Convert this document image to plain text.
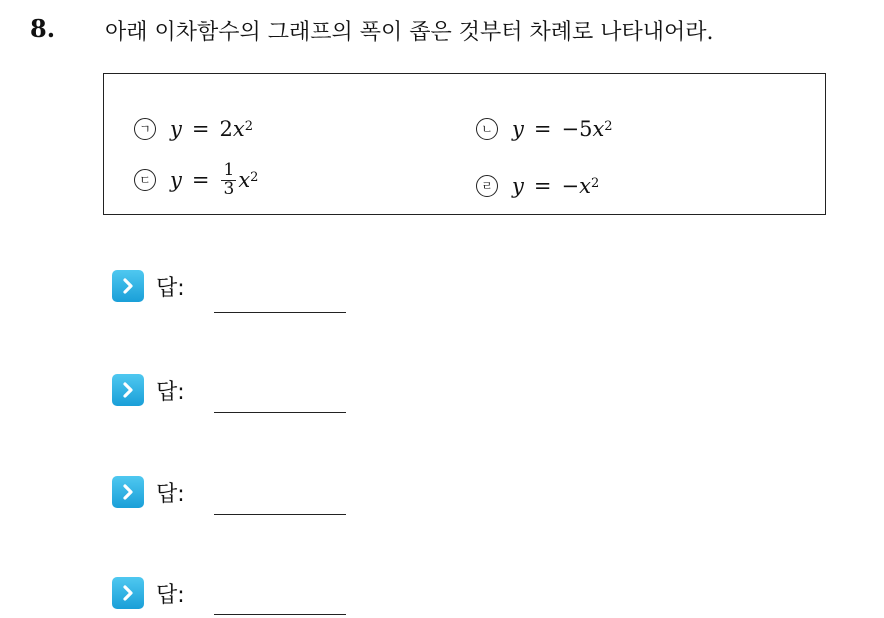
8. 아래 이차함수의 그래프의 폭이 좁은 것부터 차례로 나타내어라.
ㄱ y = 2 $x^2$	ㄴ y = −5 $x^2$
ㄷ $y = \frac{1}{3} x^2$
ㄹ y = − $x^2$
답:
답:
답:
답:
